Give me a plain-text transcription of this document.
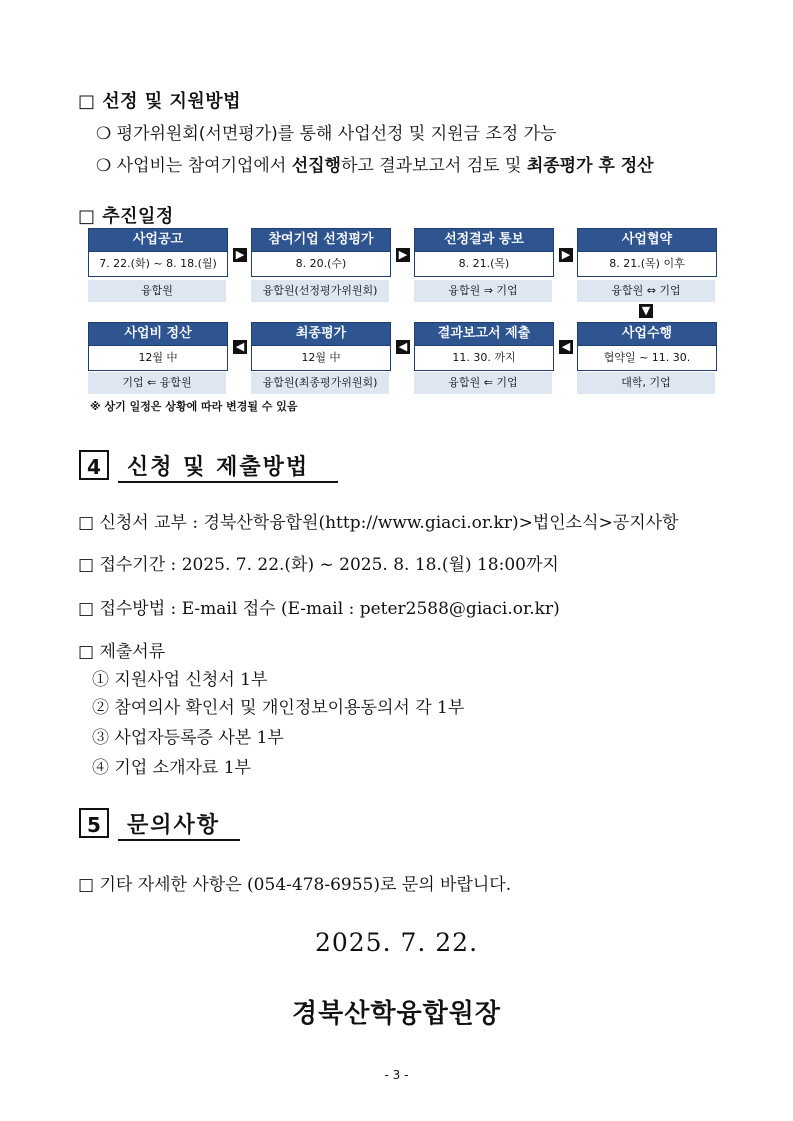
□ 선정 및 지원방법
❍ 평가위원회(서면평가)를 통해 사업선정 및 지원금 조정 가능
❍ 사업비는 참여기업에서 선집행하고 결과보고서 검토 및 최종평가 후 정산
□ 추진일정
사업공고
7. 22.(화) ~ 8. 18.(월)
융합원
▶
참여기업 선정평가
8. 20.(수)
융합원(선정평가위원회)
▶
선정결과 통보
8. 21.(목)
융합원 ⇒ 기업
▶
사업협약
8. 21.(목) 이후
융합원 ⇔ 기업
▼
사업비 정산
12월 中
기업 ⇐ 융합원
◀
최종평가
12월 中
융합원(최종평가위원회)
◀
결과보고서 제출
11. 30. 까지
융합원 ⇐ 기업
◀
사업수행
협약일 ~ 11. 30.
대학, 기업
※ 상기 일정은 상황에 따라 변경될 수 있음
4	신청 및 제출방법
□ 신청서 교부 : 경북산학융합원(http://www.giaci.or.kr)>법인소식>공지사항
□ 접수기간 : 2025. 7. 22.(화) ~ 2025. 8. 18.(월) 18:00까지
□ 접수방법 : E-mail 접수 (E-mail : peter2588@giaci.or.kr)
□ 제출서류
① 지원사업 신청서 1부
② 참여의사 확인서 및 개인정보이용동의서 각 1부
③ 사업자등록증 사본 1부
④ 기업 소개자료 1부
5	문의사항
□ 기타 자세한 사항은 (054-478-6955)로 문의 바랍니다.
2025. 7. 22.
경북산학융합원장
- 3 -
